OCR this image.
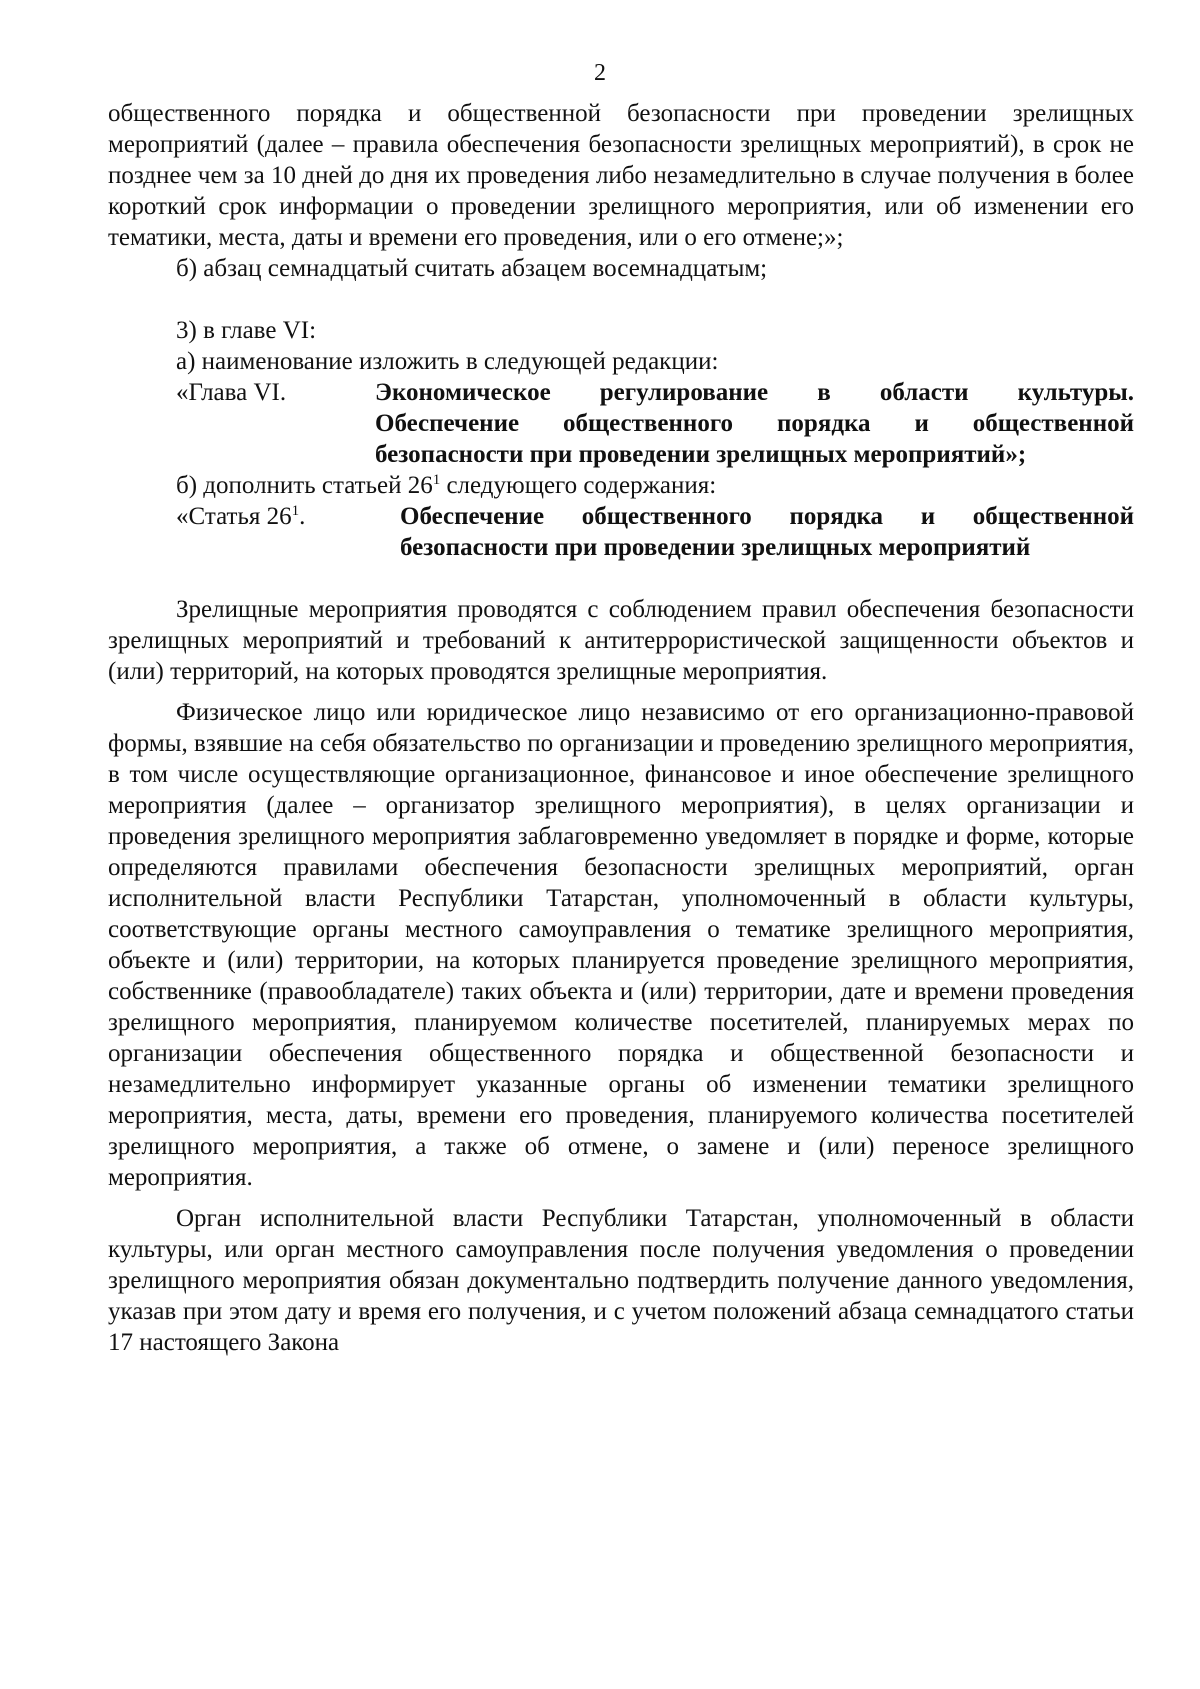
2

общественного порядка и общественной безопасности при проведении зрелищных мероприятий (далее – правила обеспечения безопасности зрелищных мероприятий), в срок не позднее чем за 10 дней до дня их проведения либо незамедлительно в случае получения в более короткий срок информации о проведении зрелищного мероприятия, или об изменении его тематики, места, даты и времени его проведения, или о его отмене;»;

б) абзац семнадцатый считать абзацем восемнадцатым;

3) в главе VI:

а) наименование изложить в следующей редакции:

«Глава VI.	Экономическое регулирование в области культуры.
Обеспечение общественного порядка и общественной
безопасности при проведении зрелищных мероприятий»;

б) дополнить статьей $26^1$ следующего содержания:

«Статья $26^1$.	Обеспечение общественного порядка и общественной
безопасности при проведении зрелищных мероприятий

Зрелищные мероприятия проводятся с соблюдением правил обеспечения безопасности зрелищных мероприятий и требований к антитеррористической защищенности объектов и (или) территорий, на которых проводятся зрелищные мероприятия.

Физическое лицо или юридическое лицо независимо от его организационно-правовой формы, взявшие на себя обязательство по организации и проведению зрелищного мероприятия, в том числе осуществляющие организационное, финансовое и иное обеспечение зрелищного мероприятия (далее – организатор зрелищного мероприятия), в целях организации и проведения зрелищного мероприятия заблаговременно уведомляет в порядке и форме, которые определяются правилами обеспечения безопасности зрелищных мероприятий, орган исполнительной власти Республики Татарстан, уполномоченный в области культуры, соответствующие органы местного самоуправления о тематике зрелищного мероприятия, объекте и (или) территории, на которых планируется проведение зрелищного мероприятия, собственнике (правообладателе) таких объекта и (или) территории, дате и времени проведения зрелищного мероприятия, планируемом количестве посетителей, планируемых мерах по организации обеспечения общественного порядка и общественной безопасности и незамедлительно информирует указанные органы об изменении тематики зрелищного мероприятия, места, даты, времени его проведения, планируемого количества посетителей зрелищного мероприятия, а также об отмене, о замене и (или) переносе зрелищного мероприятия.

Орган исполнительной власти Республики Татарстан, уполномоченный в области культуры, или орган местного самоуправления после получения уведомления о проведении зрелищного мероприятия обязан документально подтвердить получение данного уведомления, указав при этом дату и время его получения, и с учетом положений абзаца семнадцатого статьи 17 настоящего Закона
